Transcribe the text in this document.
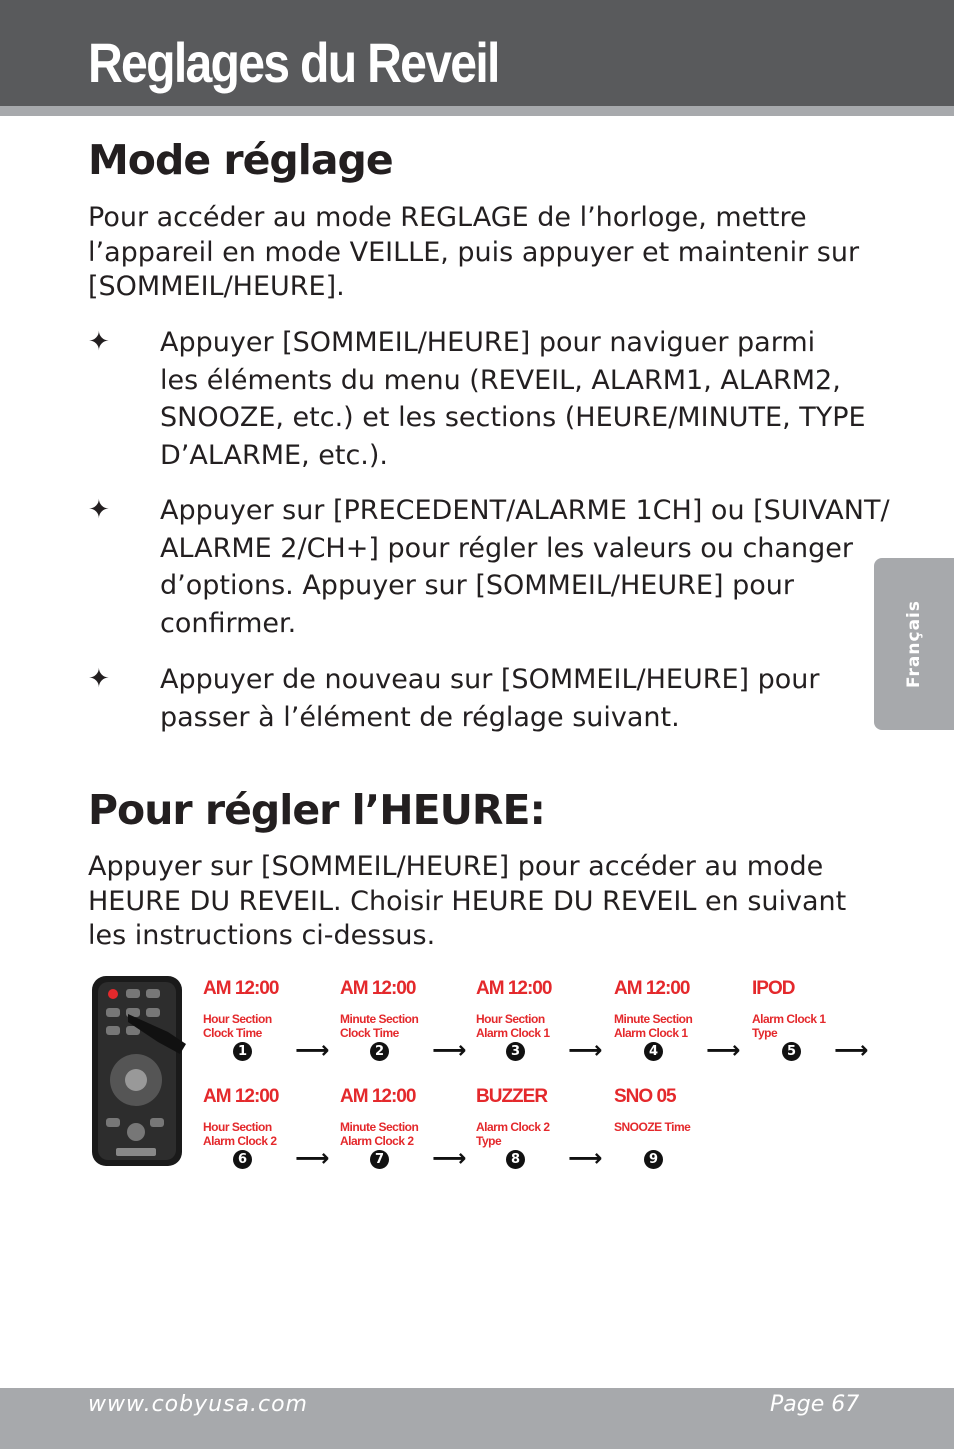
Reglages du Reveil
Mode réglage

Pour accéder au mode REGLAGE de l’horloge, mettre
l’appareil en mode VEILLE, puis appuyer et maintenir sur
[SOMMEIL/HEURE].

✦ Appuyer [SOMMEIL/HEURE] pour naviguer parmi
les éléments du menu (REVEIL, ALARM1, ALARM2,
SNOOZE, etc.) et les sections (HEURE/MINUTE, TYPE
D’ALARME, etc.).
✦ Appuyer sur [PRECEDENT/ALARME 1CH] ou [SUIVANT/
ALARME 2/CH+] pour régler les valeurs ou changer
d’options. Appuyer sur [SOMMEIL/HEURE] pour
confirmer.
✦ Appuyer de nouveau sur [SOMMEIL/HEURE] pour
passer à l’élément de réglage suivant.
Pour régler l’HEURE:

Appuyer sur [SOMMEIL/HEURE] pour accéder au mode
HEURE DU REVEIL. Choisir HEURE DU REVEIL en suivant
les instructions ci-dessus.

AM 12:00
Hour Section
Clock Time
1 ⟶
AM 12:00
Minute Section
Clock Time
2 ⟶
AM 12:00
Hour Section
Alarm Clock 1
3 ⟶
AM 12:00
Minute Section
Alarm Clock 1
4 ⟶
IPOD
Alarm Clock 1
Type
5 ⟶
AM 12:00
Hour Section
Alarm Clock 2
6 ⟶
AM 12:00
Minute Section
Alarm Clock 2
7 ⟶
BUZZER
Alarm Clock 2
Type
8 ⟶
SNO 05
SNOOZE Time
9
Français
www.cobyusa.com	Page 67
